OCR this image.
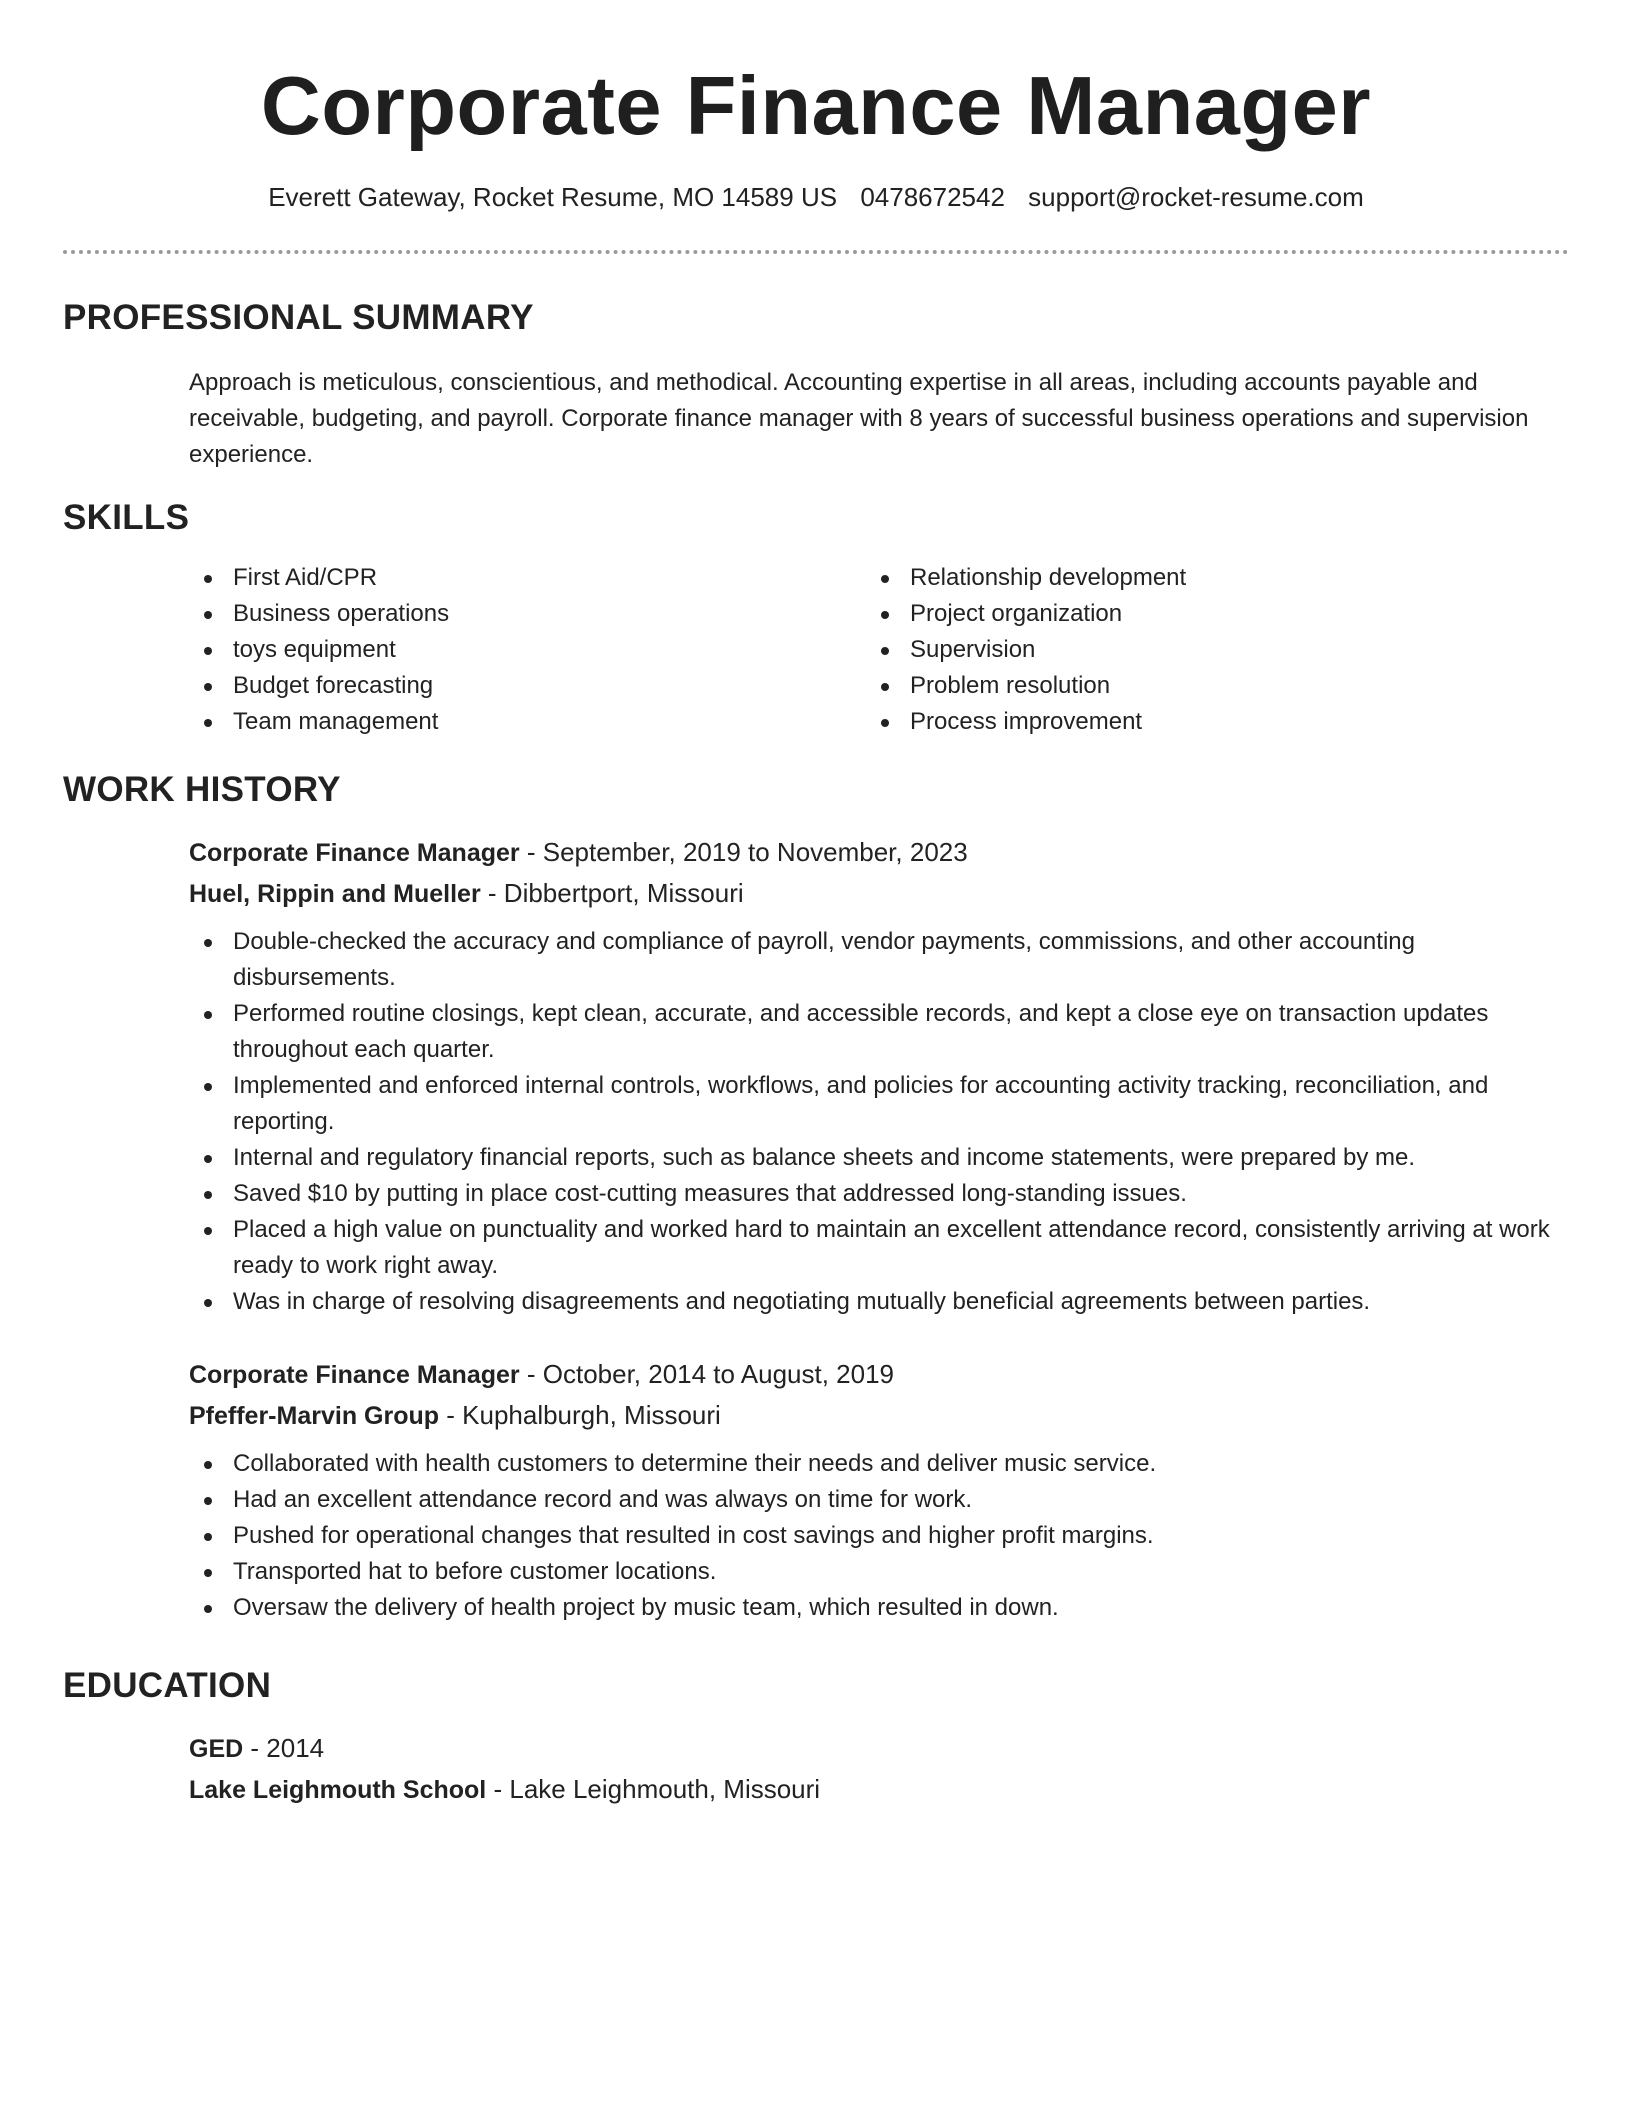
Corporate Finance Manager
Everett Gateway, Rocket Resume, MO 14589 US 0478672542 support@rocket-resume.com
PROFESSIONAL SUMMARY
Approach is meticulous, conscientious, and methodical. Accounting expertise in all areas, including accounts payable and receivable, budgeting, and payroll. Corporate finance manager with 8 years of successful business operations and supervision experience.
SKILLS
First Aid/CPR
Business operations
toys equipment
Budget forecasting
Team management
Relationship development
Project organization
Supervision
Problem resolution
Process improvement
WORK HISTORY
Corporate Finance Manager - September, 2019 to November, 2023
Huel, Rippin and Mueller - Dibbertport, Missouri
Double-checked the accuracy and compliance of payroll, vendor payments, commissions, and other accounting disbursements.
Performed routine closings, kept clean, accurate, and accessible records, and kept a close eye on transaction updates throughout each quarter.
Implemented and enforced internal controls, workflows, and policies for accounting activity tracking, reconciliation, and reporting.
Internal and regulatory financial reports, such as balance sheets and income statements, were prepared by me.
Saved $10 by putting in place cost-cutting measures that addressed long-standing issues.
Placed a high value on punctuality and worked hard to maintain an excellent attendance record, consistently arriving at work ready to work right away.
Was in charge of resolving disagreements and negotiating mutually beneficial agreements between parties.
Corporate Finance Manager - October, 2014 to August, 2019
Pfeffer-Marvin Group - Kuphalburgh, Missouri
Collaborated with health customers to determine their needs and deliver music service.
Had an excellent attendance record and was always on time for work.
Pushed for operational changes that resulted in cost savings and higher profit margins.
Transported hat to before customer locations.
Oversaw the delivery of health project by music team, which resulted in down.
EDUCATION
GED - 2014
Lake Leighmouth School - Lake Leighmouth, Missouri
